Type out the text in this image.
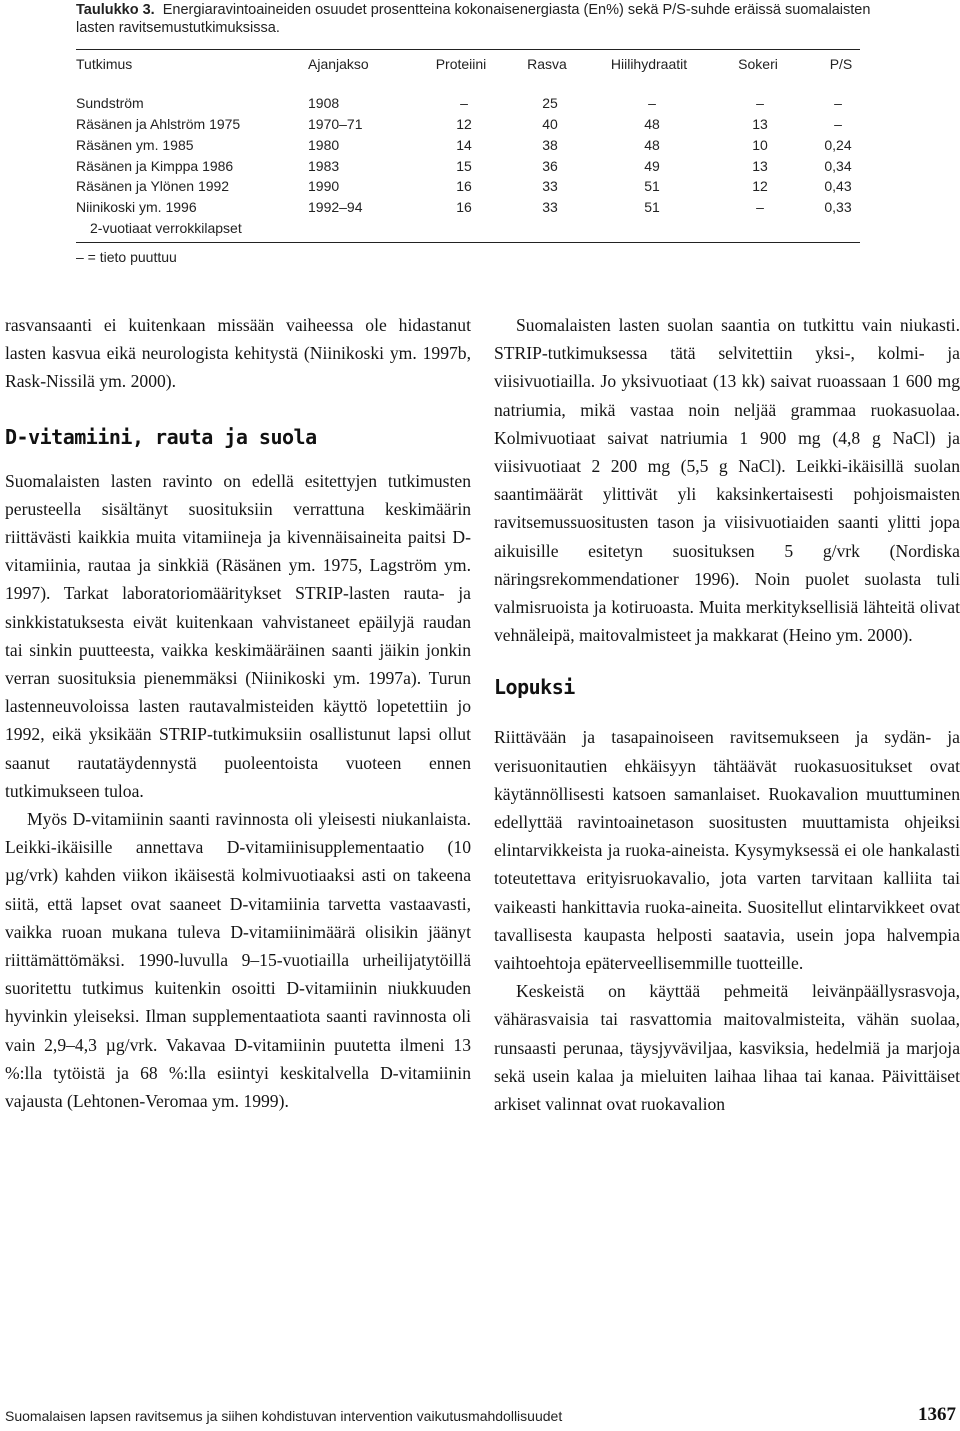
Taulukko 3. Energiaravintoaineiden osuudet prosentteina kokonaisenergiasta (En%) sekä P/S-suhde eräissä suomalaisten lasten ravitsemustutkimuksissa.
Tutkimus	Ajanjakso	Proteiini	Rasva	Hiilihydraatit	Sokeri	P/S
Sundström	1908	–	25	–	–	–
Räsänen ja Ahlström 1975	1970–71	12	40	48	13	–
Räsänen ym. 1985	1980	14	38	48	10	0,24
Räsänen ja Kimppa 1986	1983	15	36	49	13	0,34
Räsänen ja Ylönen 1992	1990	16	33	51	12	0,43
Niinikoski ym. 1996	1992–94	16	33	51	–	0,33
2-vuotiaat verrokkilapset
– = tieto puuttuu

rasvansaanti ei kuitenkaan missään vaiheessa ole hidastanut lasten kasvua eikä neurologista kehitystä (Niinikoski ym. 1997b, Rask-Nissilä ym. 2000).

D-vitamiini, rauta ja suola

Suomalaisten lasten ravinto on edellä esitettyjen tutkimusten perusteella sisältänyt suosituksiin verrattuna keskimäärin riittävästi kaikkia muita vitamiineja ja kivennäisaineita paitsi D-vitamiinia, rautaa ja sinkkiä (Räsänen ym. 1975, Lagström ym. 1997). Tarkat laboratoriomääritykset STRIP-lasten rauta- ja sinkkistatuksesta eivät kuitenkaan vahvistaneet epäilyjä raudan tai sinkin puutteesta, vaikka keskimääräinen saanti jäikin jonkin verran suosituksia pienemmäksi (Niinikoski ym. 1997a). Turun lastenneuvoloissa lasten rautavalmisteiden käyttö lopetettiin jo 1992, eikä yksikään STRIP-tutkimuksiin osallistunut lapsi ollut saanut rautatäydennystä puoleentoista vuoteen ennen tutkimukseen tuloa.

Myös D-vitamiinin saanti ravinnosta oli yleisesti niukanlaista. Leikki-ikäisille annettava D-vitamiinisupplementaatio (10 µg/vrk) kahden viikon ikäisestä kolmivuotiaaksi asti on takeena siitä, että lapset ovat saaneet D-vitamiinia tarvetta vastaavasti, vaikka ruoan mukana tuleva D-vitamiinimäärä olisikin jäänyt riittämättömäksi. 1990-luvulla 9–15-vuotiailla urheilijatytöillä suoritettu tutkimus kuitenkin osoitti D-vitamiinin niukkuuden hyvinkin yleiseksi. Ilman supplementaatiota saanti ravinnosta oli vain 2,9–4,3 µg/vrk. Vakavaa D-vitamiinin puutetta ilmeni 13 %:lla tytöistä ja 68 %:lla esiintyi keskitalvella D-vitamiinin vajausta (Lehtonen-Veromaa ym. 1999).

Suomalaisten lasten suolan saantia on tutkittu vain niukasti. STRIP-tutkimuksessa tätä selvitettiin yksi-, kolmi- ja viisivuotiailla. Jo yksivuotiaat (13 kk) saivat ruoassaan 1 600 mg natriumia, mikä vastaa noin neljää grammaa ruokasuolaa. Kolmivuotiaat saivat natriumia 1 900 mg (4,8 g NaCl) ja viisivuotiaat 2 200 mg (5,5 g NaCl). Leikki-ikäisillä suolan saantimäärät ylittivät yli kaksinkertaisesti pohjoismaisten ravitsemussuositusten tason ja viisivuotiaiden saanti ylitti jopa aikuisille esitetyn suosituksen 5 g/vrk (Nordiska näringsrekommendationer 1996). Noin puolet suolasta tuli valmisruoista ja kotiruoasta. Muita merkityksellisiä lähteitä olivat vehnäleipä, maitovalmisteet ja makkarat (Heino ym. 2000).

Lopuksi

Riittävään ja tasapainoiseen ravitsemukseen ja sydän- ja verisuonitautien ehkäisyyn tähtäävät ruokasuositukset ovat käytännöllisesti katsoen samanlaiset. Ruokavalion muuttuminen edellyttää ravintoainetason suositusten muuttamista ohjeiksi elintarvikkeista ja ruoka-aineista. Kysymyksessä ei ole hankalasti toteutettava erityisruokavalio, jota varten tarvitaan kalliita tai vaikeasti hankittavia ruoka-aineita. Suositellut elintarvikkeet ovat tavallisesta kaupasta helposti saatavia, usein jopa halvempia vaihtoehtoja epäterveellisemmille tuotteille.

Keskeistä on käyttää pehmeitä leivänpäällysrasvoja, vähärasvaisia tai rasvattomia maitovalmisteita, vähän suolaa, runsaasti perunaa, täysjyväviljaa, kasviksia, hedelmiä ja marjoja sekä usein kalaa ja mieluiten laihaa lihaa tai kanaa. Päivittäiset arkiset valinnat ovat ruokavalion

Suomalaisen lapsen ravitsemus ja siihen kohdistuvan intervention vaikutusmahdollisuudet	1367
